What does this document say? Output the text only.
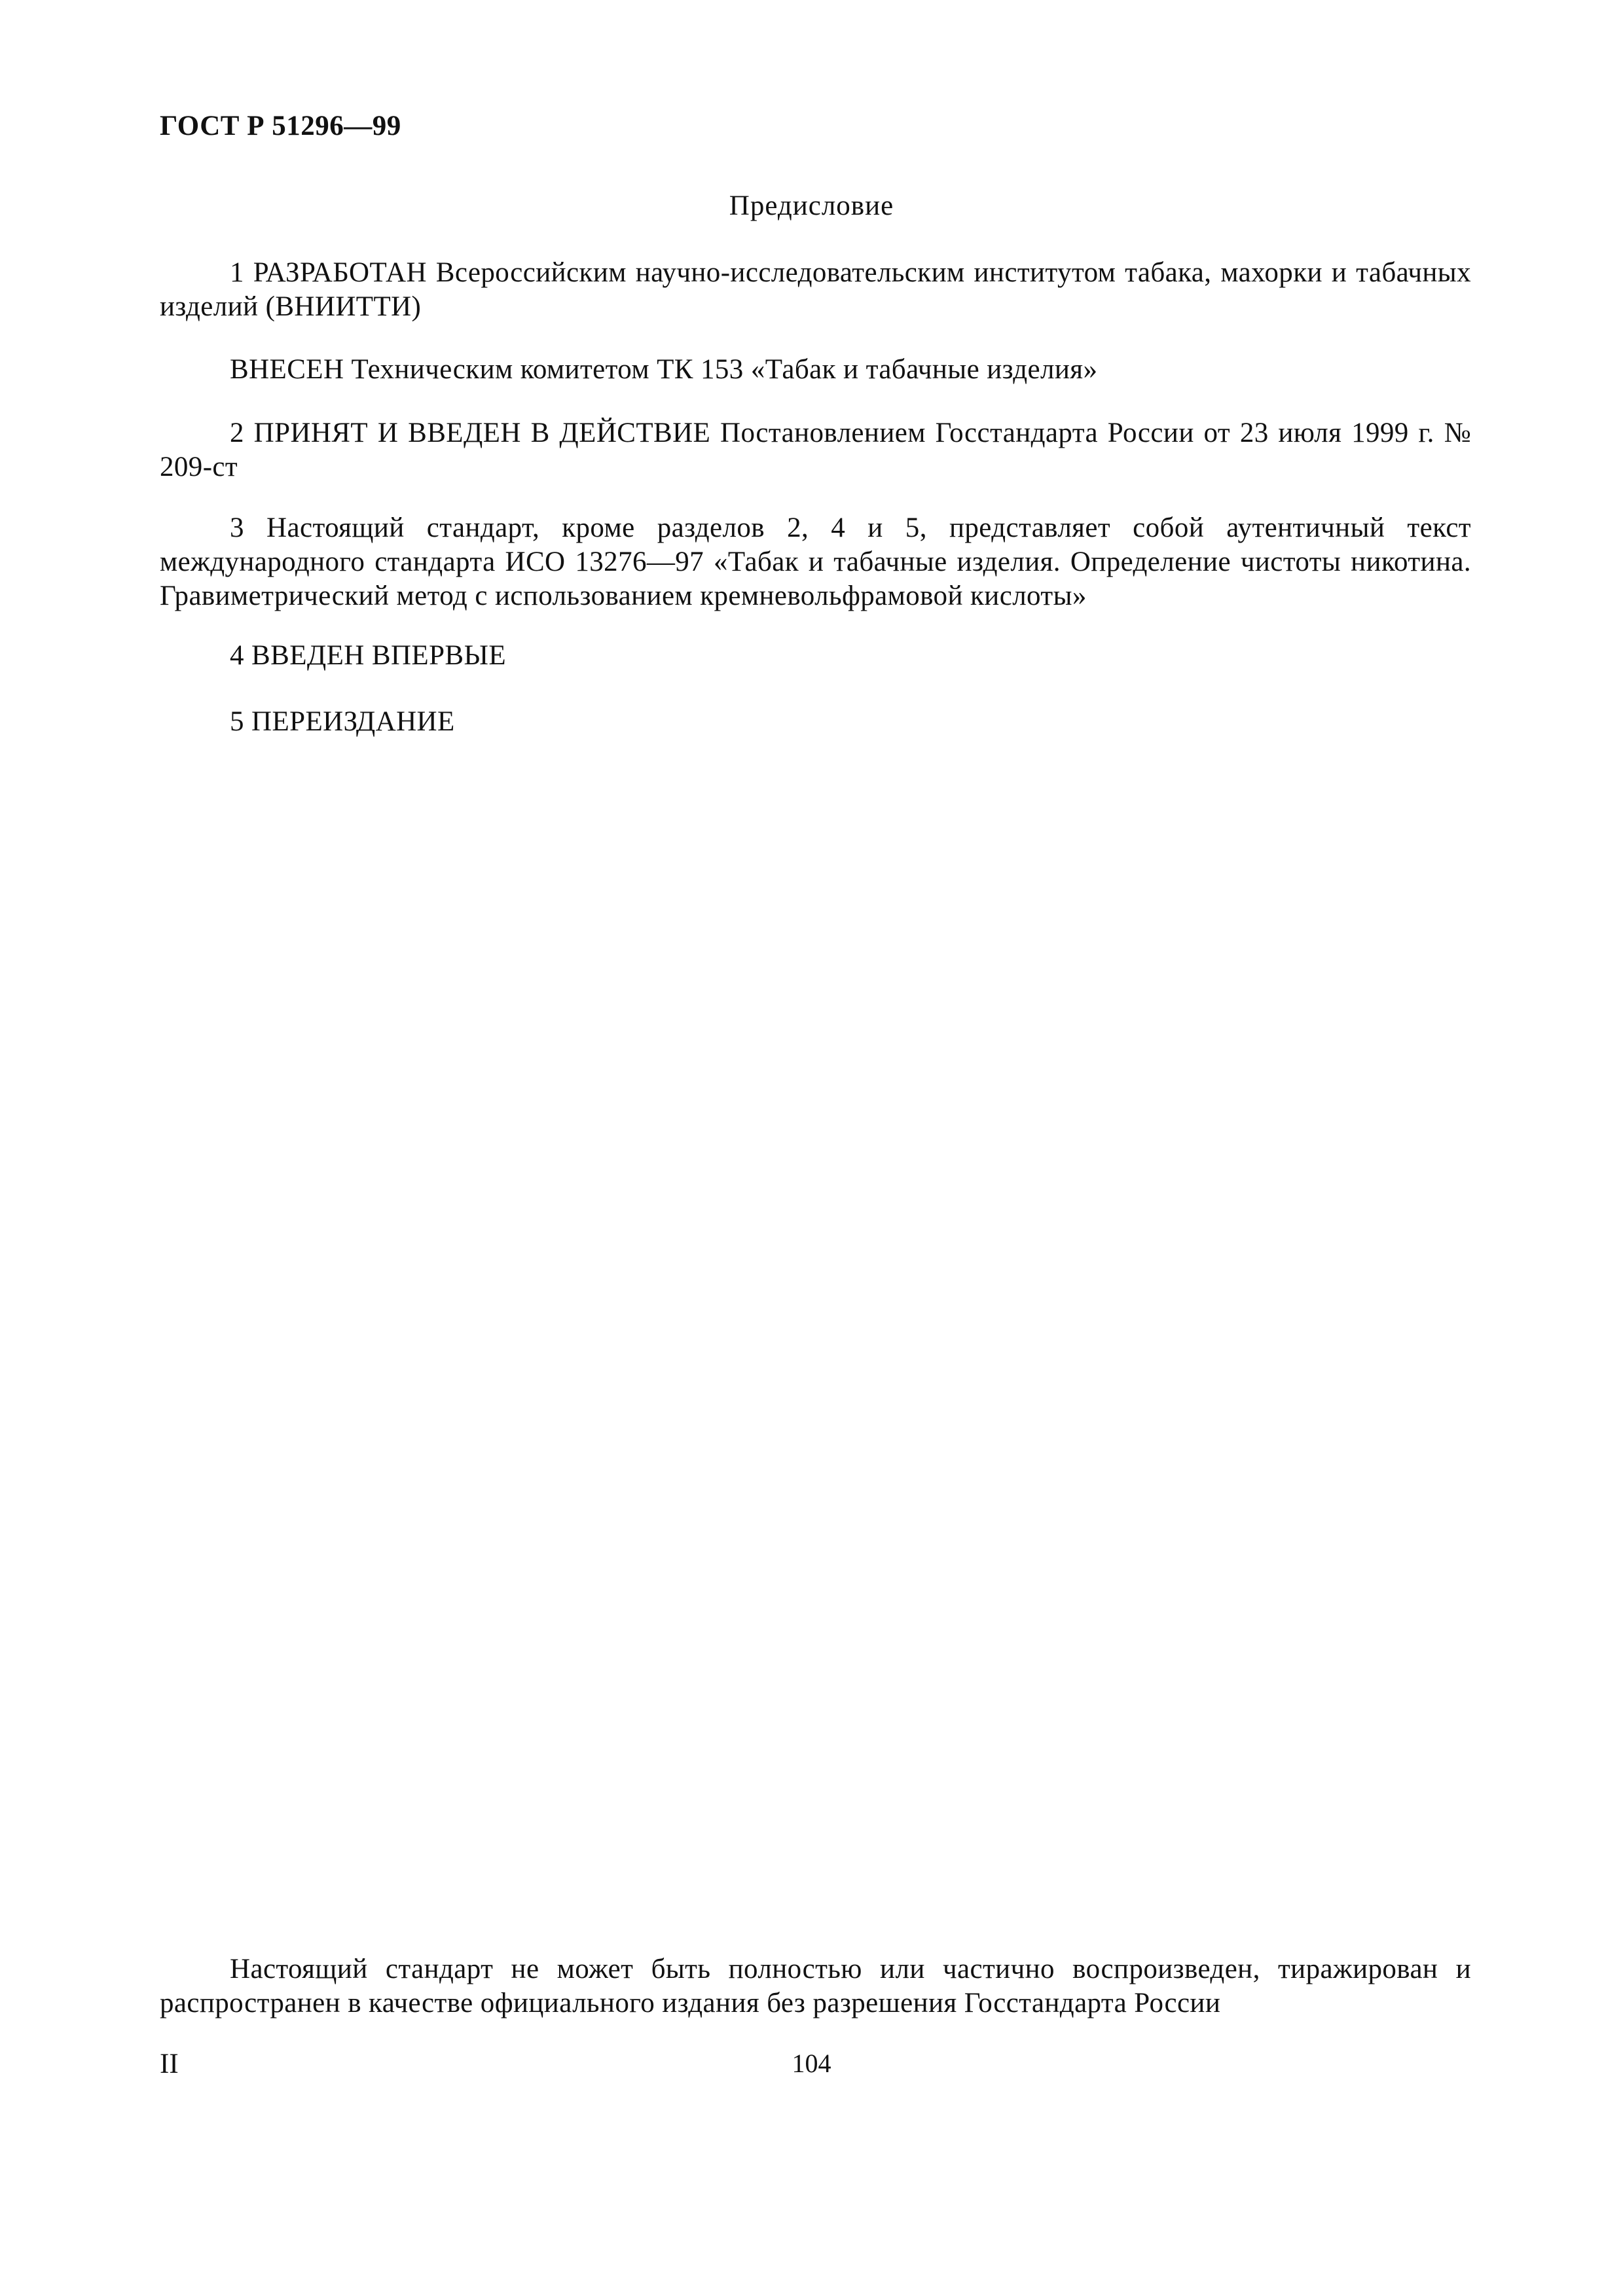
ГОСТ Р 51296—99
Предисловие

1 РАЗРАБОТАН Всероссийским научно-исследовательским институтом табака, махорки и табачных изделий (ВНИИТТИ)

ВНЕСЕН Техническим комитетом ТК 153 «Табак и табачные изделия»

2 ПРИНЯТ И ВВЕДЕН В ДЕЙСТВИЕ Постановлением Госстандарта России от 23 июля 1999 г. № 209-ст

3 Настоящий стандарт, кроме разделов 2, 4 и 5, представляет собой аутентичный текст международного стандарта ИСО 13276—97 «Табак и табачные изделия. Определение чистоты никотина. Гравиметрический метод с использованием кремневольфрамовой кислоты»

4 ВВЕДЕН ВПЕРВЫЕ

5 ПЕРЕИЗДАНИЕ

Настоящий стандарт не может быть полностью или частично воспроизведен, тиражирован и распространен в качестве официального издания без разрешения Госстандарта России

II	104
